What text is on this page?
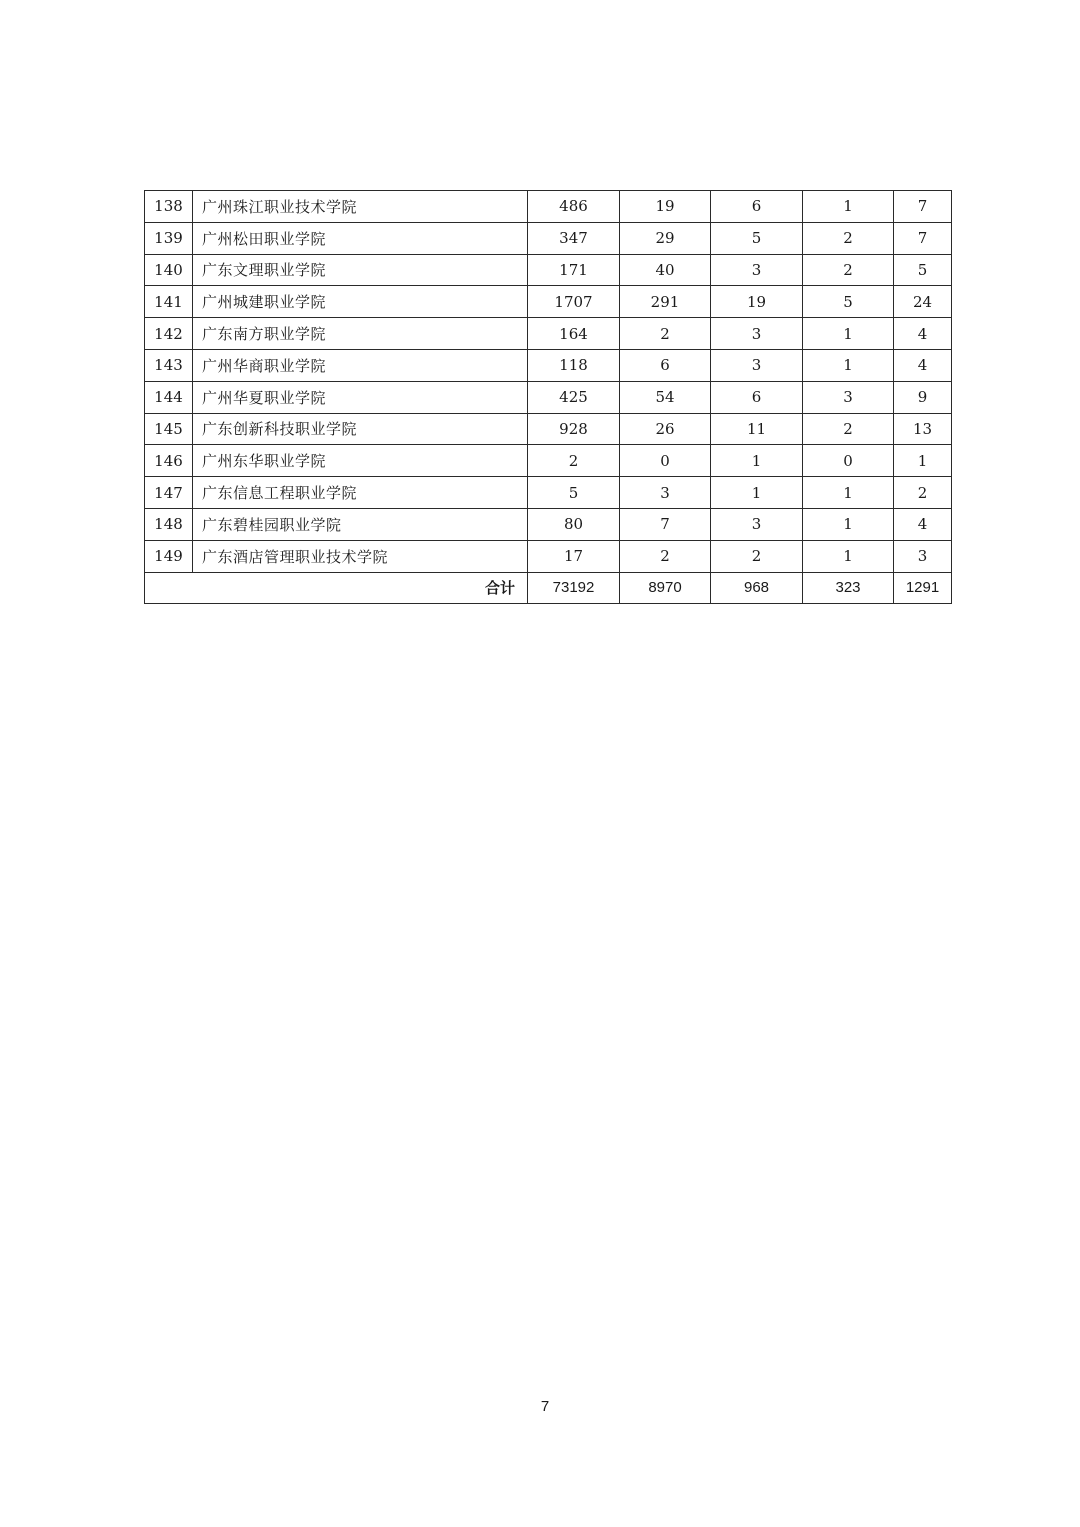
138	广州珠江职业技术学院	486	19	6	1	7
139	广州松田职业学院	347	29	5	2	7
140	广东文理职业学院	171	40	3	2	5
141	广州城建职业学院	1707	291	19	5	24
142	广东南方职业学院	164	2	3	1	4
143	广州华商职业学院	118	6	3	1	4
144	广州华夏职业学院	425	54	6	3	9
145	广东创新科技职业学院	928	26	11	2	13
146	广州东华职业学院	2	0	1	0	1
147	广东信息工程职业学院	5	3	1	1	2
148	广东碧桂园职业学院	80	7	3	1	4
149	广东酒店管理职业技术学院	17	2	2	1	3
合计		73192	8970	968	323	1291
7
